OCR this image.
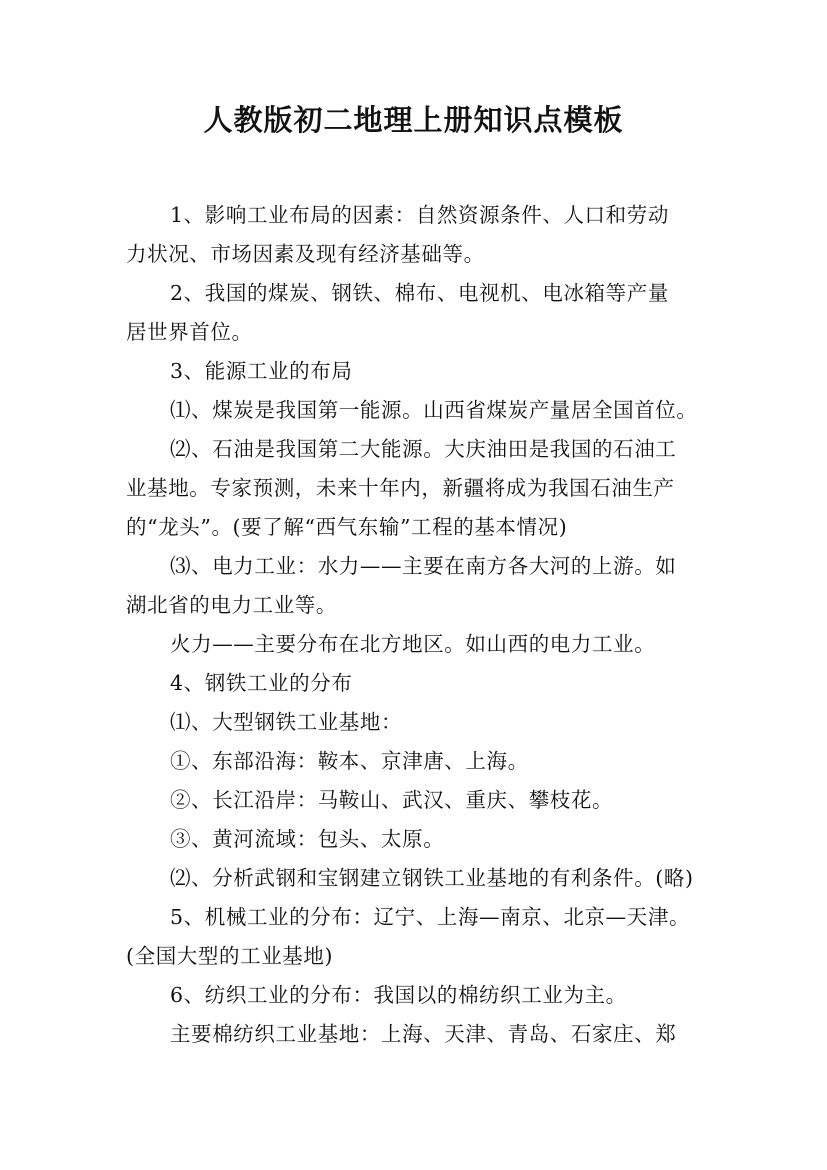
人教版初二地理上册知识点模板
1、影响工业布局的因素：自然资源条件、人口和劳动
力状况、市场因素及现有经济基础等。
2、我国的煤炭、钢铁、棉布、电视机、电冰箱等产量
居世界首位。
3、能源工业的布局
⑴、煤炭是我国第一能源。山西省煤炭产量居全国首位。
⑵、石油是我国第二大能源。大庆油田是我国的石油工
业基地。专家预测，未来十年内，新疆将成为我国石油生产
的“龙头”。(要了解“西气东输”工程的基本情况)
⑶、电力工业：水力——主要在南方各大河的上游。如
湖北省的电力工业等。
火力——主要分布在北方地区。如山西的电力工业。
4、钢铁工业的分布
⑴、大型钢铁工业基地：
①、东部沿海：鞍本、京津唐、上海。
②、长江沿岸：马鞍山、武汉、重庆、攀枝花。
③、黄河流域：包头、太原。
⑵、分析武钢和宝钢建立钢铁工业基地的有利条件。(略)
5、机械工业的分布：辽宁、上海—南京、北京—天津。
(全国大型的工业基地)
6、纺织工业的分布：我国以的棉纺织工业为主。
主要棉纺织工业基地：上海、天津、青岛、石家庄、郑
